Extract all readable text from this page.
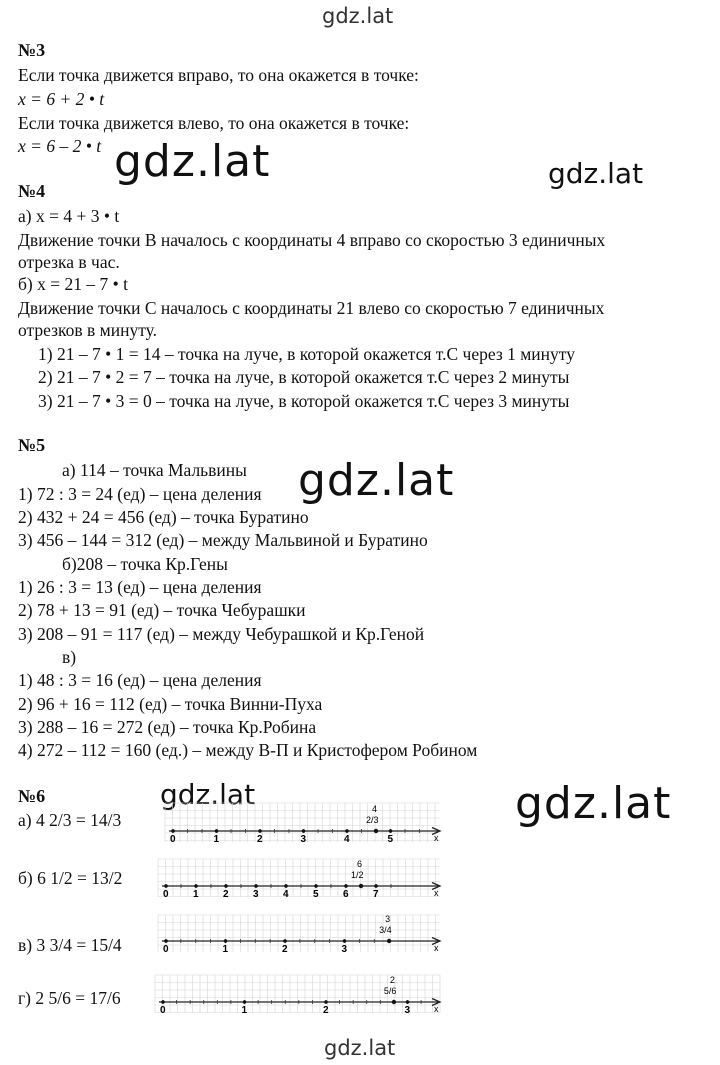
gdz.lat
gdz.lat	gdz.lat
gdz.lat
gdz.lat	gdz.lat
gdz.lat
№3
Если точка движется вправо, то она окажется в точке:
x = 6 + 2 • t
Если точка движется влево, то она окажется в точке:
x = 6 – 2 • t
№4
а) x = 4 + 3 • t
Движение точки В началось с координаты 4 вправо со скоростью 3 единичных
отрезка в час.
б) x = 21 – 7 • t
Движение точки С началось с координаты 21 влево со скоростью 7 единичных
отрезков в минуту.
1) 21 – 7 • 1 = 14 – точка на луче, в которой окажется т.С через 1 минуту
2) 21 – 7 • 2 = 7 – точка на луче, в которой окажется т.С через 2 минуты
3) 21 – 7 • 3 = 0 – точка на луче, в которой окажется т.С через 3 минуты
№5
а) 114 – точка Мальвины
1) 72 : 3 = 24 (ед) – цена деления
2) 432 + 24 = 456 (ед) – точка Буратино
3) 456 – 144 = 312 (ед) – между Мальвиной и Буратино
б)208 – точка Кр.Гены
1) 26 : 3 = 13 (ед) – цена деления
2) 78 + 13 = 91 (ед) – точка Чебурашки
3) 208 – 91 = 117 (ед) – между Чебурашкой и Кр.Геной
в)
1) 48 : 3 = 16 (ед) – цена деления
2) 96 + 16 = 112 (ед) – точка Винни-Пуха
3) 288 – 16 = 272 (ед) – точка Кр.Робина
4) 272 – 112 = 160 (ед.) – между В-П и Кристофером Робином
№6
а) 4 2/3 = 14/3
б) 6 1/2 = 13/2
в) 3 3/4 = 15/4
г) 2 5/6 = 17/6
x
0	1	2	3	4	5
4
2/3
x
0 1 2 3 4 5 6 7
6
1/2
x
0	1	2	3
3
3/4
x
0	1	2	3
2
5/6
